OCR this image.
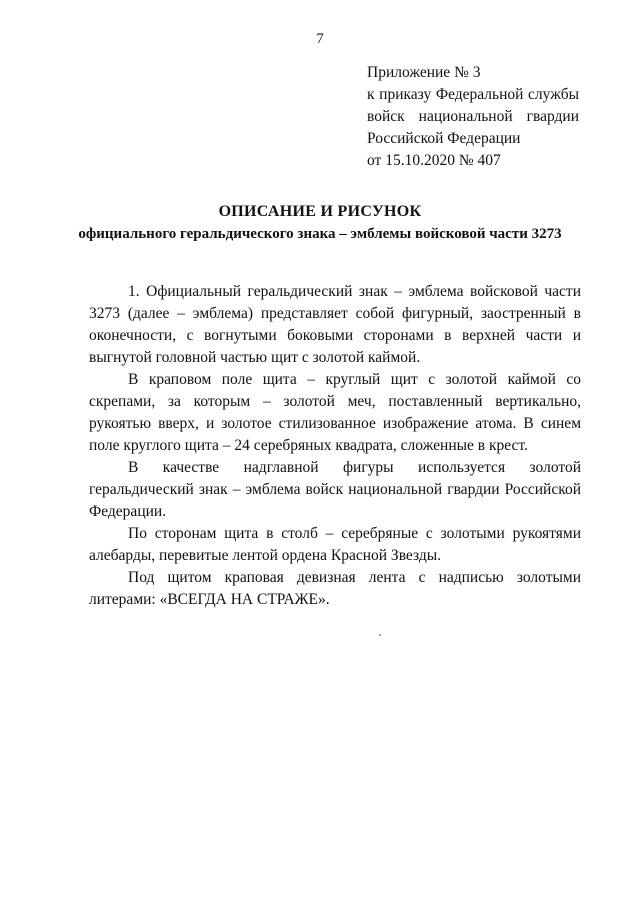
7
Приложение № 3
к приказу Федеральной службы
войск национальной гвардии
Российской Федерации
от 15.10.2020 № 407
ОПИСАНИЕ И РИСУНОК
официального геральдического знака – эмблемы войсковой части 3273

1. Официальный геральдический знак – эмблема войсковой части 3273 (далее – эмблема) представляет собой фигурный, заостренный в оконечности, с вогнутыми боковыми сторонами в верхней части и выгнутой головной частью щит с золотой каймой.

В краповом поле щита – круглый щит с золотой каймой со скрепами, за которым – золотой меч, поставленный вертикально, рукоятью вверх, и золотое стилизованное изображение атома. В синем поле круглого щита – 24 серебряных квадрата, сложенные в крест.

В качестве надглавной фигуры используется золотой геральдический знак – эмблема войск национальной гвардии Российской Федерации.

По сторонам щита в столб – серебряные с золотыми рукоятями алебарды, перевитые лентой ордена Красной Звезды.

Под щитом краповая девизная лента с надписью золотыми литерами: «ВСЕГДА НА СТРАЖЕ».
